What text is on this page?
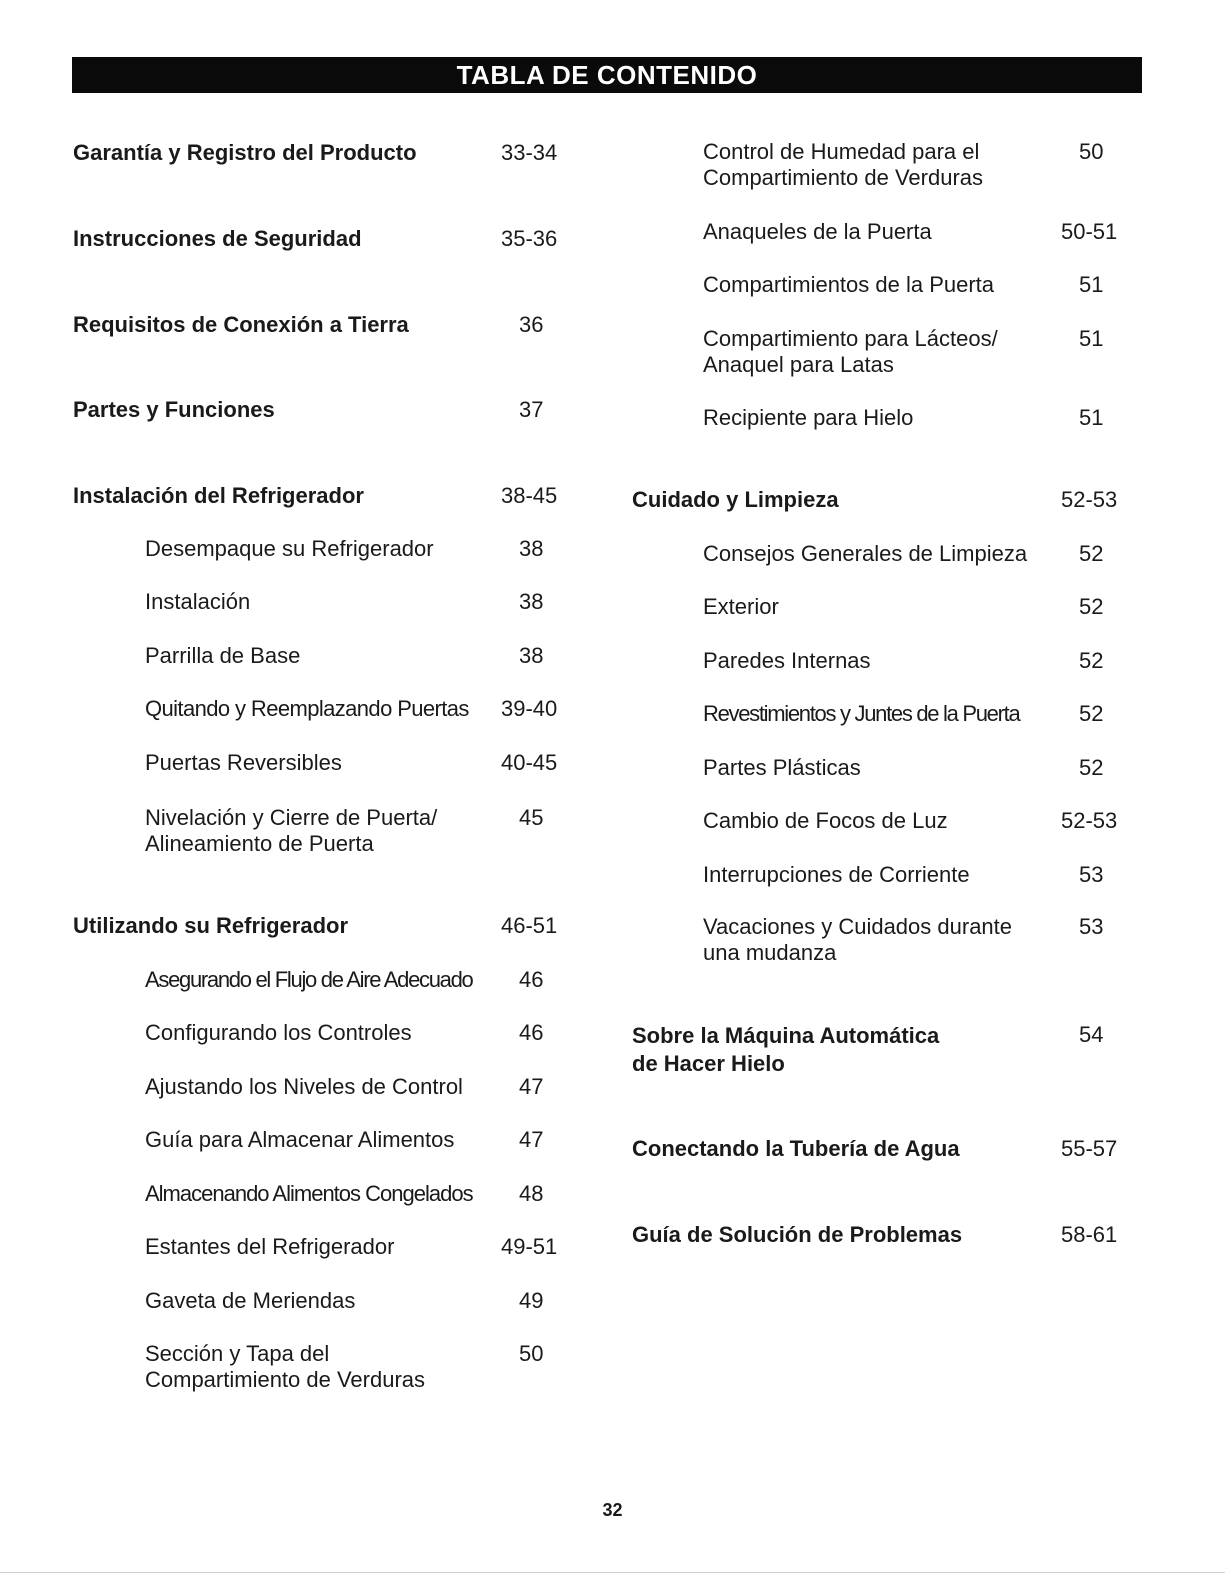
TABLA DE CONTENIDO
Garantía y Registro del Producto	33-34
Instrucciones de Seguridad	35-36
Requisitos de Conexión a Tierra	36
Partes y Funciones	37
Instalación del Refrigerador	38-45
Desempaque su Refrigerador	38
Instalación	38
Parrilla de Base	38
Quitando y Reemplazando Puertas 39-40
Puertas Reversibles	40-45
Nivelación y Cierre de Puerta/
Alineamiento de Puerta
45
Utilizando su Refrigerador	46-51
Asegurando el Flujo de Aire Adecuado 46
Configurando los Controles	46
Ajustando los Niveles de Control	47
Guía para Almacenar Alimentos	47
Almacenando Alimentos Congelados 48
Estantes del Refrigerador	49-51
Gaveta de Meriendas	49
Sección y Tapa del
Compartimiento de Verduras
50
Control de Humedad para el
Compartimiento de Verduras
50
Anaqueles de la Puerta	50-51
Compartimientos de la Puerta	51
Compartimiento para Lácteos/
Anaquel para Latas
51
Recipiente para Hielo	51
Cuidado y Limpieza	52-53
Consejos Generales de Limpieza 52
Exterior	52
Paredes Internas	52
Revestimientos y Juntes de la Puerta	52
Partes Plásticas	52
Cambio de Focos de Luz	52-53
Interrupciones de Corriente	53
Vacaciones y Cuidados durante
una mudanza
53
Sobre la Máquina Automática
de Hacer Hielo
54
Conectando la Tubería de Agua	55-57
Guía de Solución de Problemas	58-61
32
